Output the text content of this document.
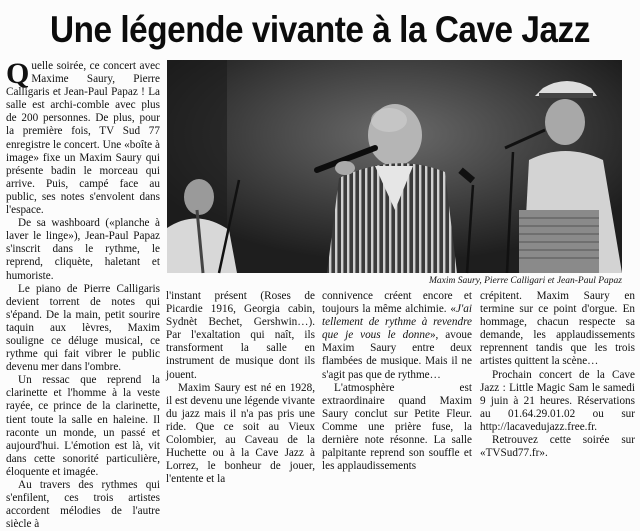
Une légende vivante à la Cave Jazz

Quelle soirée, ce concert avec Maxime Saury, Pierre Calligaris et Jean-Paul Papaz ! La salle est archi-comble avec plus de 200 personnes. De plus, pour la première fois, TV Sud 77 enregistre le concert. Une «boîte à image» fixe un Maxim Saury qui présente badin le morceau qui arrive. Puis, campé face au public, ses notes s'envolent dans l'espace.

De sa washboard («planche à laver le linge»), Jean-Paul Papaz s'inscrit dans le rythme, le reprend, cliquète, haletant et humoriste.

Le piano de Pierre Calligaris devient torrent de notes qui s'épand. De la main, petit sourire taquin aux lèvres, Maxim souligne ce déluge musical, ce rythme qui fait vibrer le public devenu mer dans l'ombre.

Un ressac que reprend la clarinette et l'homme à la veste rayée, ce prince de la clarinette, tient toute la salle en haleine. Il raconte un monde, un passé et aujourd'hui. L'émotion est là, vit dans cette sonorité particulière, éloquente et imagée.

Au travers des rythmes qui s'enfilent, ces trois artistes accordent mélodies de l'autre siècle à

Maxim Saury, Pierre Calligari et Jean-Paul Papaz

l'instant présent (Roses de Picardie 1916, Georgia cabin, Sydnèt Bechet, Gershwin…). Par l'exaltation qui naît, ils transforment la salle en instrument de musique dont ils jouent.

Maxim Saury est né en 1928, il est devenu une légende vivante du jazz mais il n'a pas pris une ride. Que ce soit au Vieux Colombier, au Caveau de la Huchette ou à la Cave Jazz à Lorrez, le bonheur de jouer, l'entente et la

connivence créent encore et toujours la même alchimie. «J'ai tellement de rythme à revendre que je vous le donne», avoue Maxim Saury entre deux flambées de musique. Mais il ne s'agit pas que de rythme…

L'atmosphère est extraordinaire quand Maxim Saury conclut sur Petite Fleur. Comme une prière fuse, la dernière note résonne. La salle palpitante reprend son souffle et les applaudissements

crépitent. Maxim Saury en termine sur ce point d'orgue. En hommage, chacun respecte sa demande, les applaudissements reprennent tandis que les trois artistes quittent la scène…

Prochain concert de la Cave Jazz : Little Magic Sam le samedi 9 juin à 21 heures. Réservations au 01.64.29.01.02 ou sur http://lacavedujazz.free.fr.

Retrouvez cette soirée sur «TVSud77.fr».
